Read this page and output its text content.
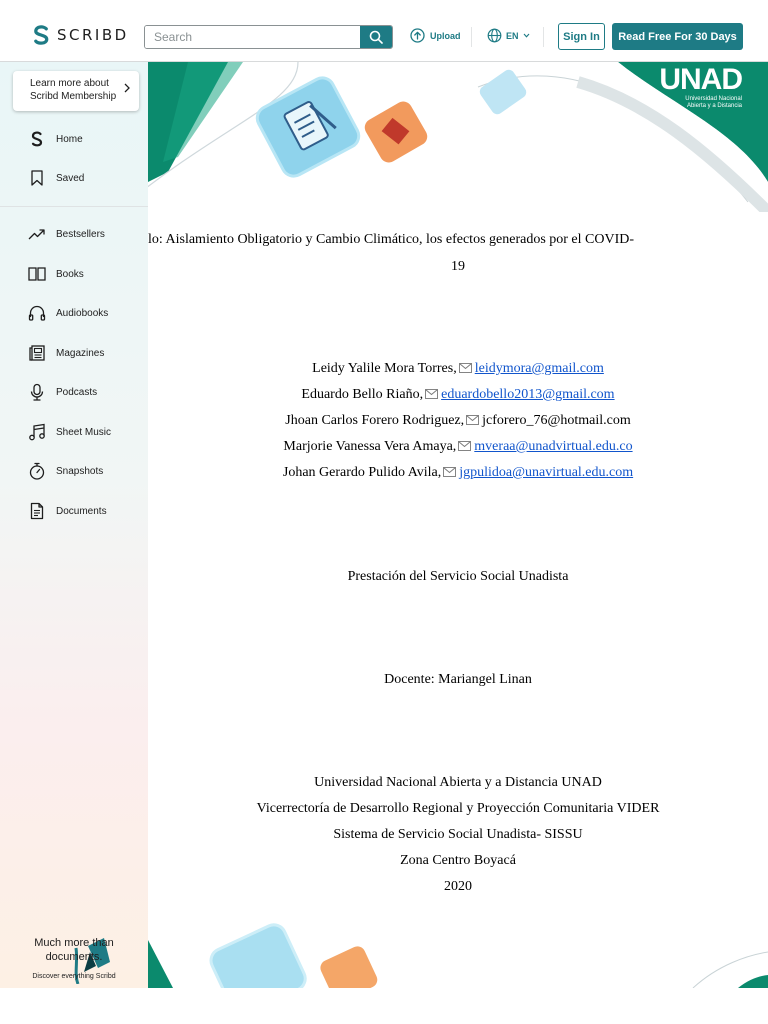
SCRIBD
Search	Upload	EN	Sign In	Read Free For 30 Days
UNAD
Universidad Nacional
Abierta y a Distancia
lo: Aislamiento Obligatorio y Cambio Climático, los efectos generados por el COVID-
19
Leidy Yalile Mora Torres, leidymora@gmail.com
Eduardo Bello Riaño, eduardobello2013@gmail.com
Jhoan Carlos Forero Rodriguez, jcforero_76@hotmail.com
Marjorie Vanessa Vera Amaya, mveraa@unadvirtual.edu.co
Johan Gerardo Pulido Avila, jgpulidoa@unavirtual.edu.com
Prestación del Servicio Social Unadista
Docente: Mariangel Linan
Universidad Nacional Abierta y a Distancia UNAD
Vicerrectoría de Desarrollo Regional y Proyección Comunitaria VIDER
Sistema de Servicio Social Unadista- SISSU
Zona Centro Boyacá
2020
Learn more about
Scribd Membership
Home
Saved
Bestsellers
Books
Audiobooks
Magazines
Podcasts
Sheet Music
Snapshots
Documents
Much more than
documents.
Discover everything Scribd
